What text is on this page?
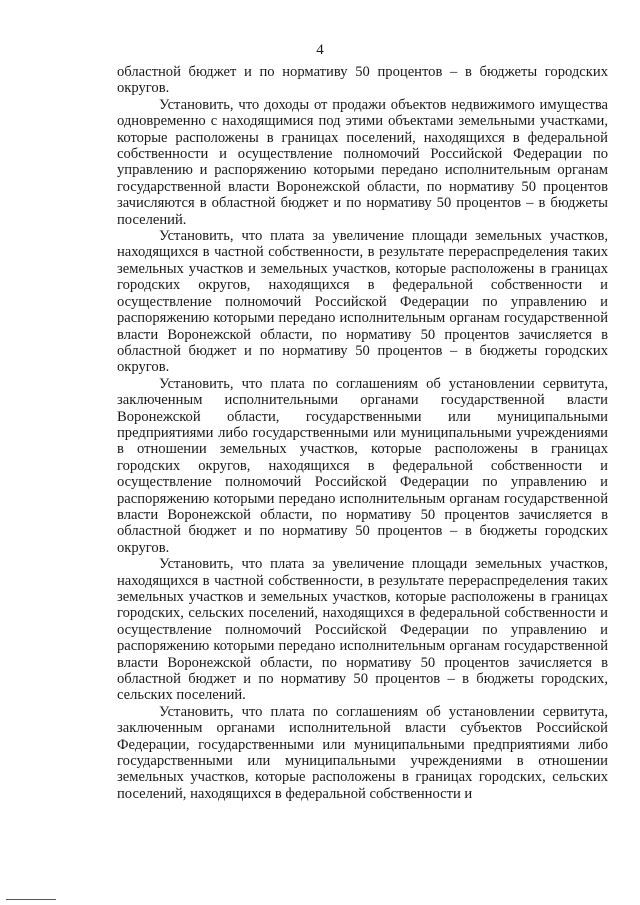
4

областной бюджет и по нормативу 50 процентов – в бюджеты городских округов.

Установить, что доходы от продажи объектов недвижимого имущества одновременно с находящимися под этими объектами земельными участками, которые расположены в границах поселений, находящихся в федеральной собственности и осуществление полномочий Российской Федерации по управлению и распоряжению которыми передано исполнительным органам государственной власти Воронежской области, по нормативу 50 процентов зачисляются в областной бюджет и по нормативу 50 процентов – в бюджеты поселений.

Установить, что плата за увеличение площади земельных участков, находящихся в частной собственности, в результате перераспределения таких земельных участков и земельных участков, которые расположены в границах городских округов, находящихся в федеральной собственности и осуществление полномочий Российской Федерации по управлению и распоряжению которыми передано исполнительным органам государственной власти Воронежской области, по нормативу 50 процентов зачисляется в областной бюджет и по нормативу 50 процентов – в бюджеты городских округов.

Установить, что плата по соглашениям об установлении сервитута, заключенным исполнительными органами государственной власти Воронежской области, государственными или муниципальными предприятиями либо государственными или муниципальными учреждениями в отношении земельных участков, которые расположены в границах городских округов, находящихся в федеральной собственности и осуществление полномочий Российской Федерации по управлению и распоряжению которыми передано исполнительным органам государственной власти Воронежской области, по нормативу 50 процентов зачисляется в областной бюджет и по нормативу 50 процентов – в бюджеты городских округов.

Установить, что плата за увеличение площади земельных участков, находящихся в частной собственности, в результате перераспределения таких земельных участков и земельных участков, которые расположены в границах городских, сельских поселений, находящихся в федеральной собственности и осуществление полномочий Российской Федерации по управлению и распоряжению которыми передано исполнительным органам государственной власти Воронежской области, по нормативу 50 процентов зачисляется в областной бюджет и по нормативу 50 процентов – в бюджеты городских, сельских поселений.

Установить, что плата по соглашениям об установлении сервитута, заключенным органами исполнительной власти субъектов Российской Федерации, государственными или муниципальными предприятиями либо государственными или муниципальными учреждениями в отношении земельных участков, которые расположены в границах городских, сельских поселений, находящихся в федеральной собственности и
